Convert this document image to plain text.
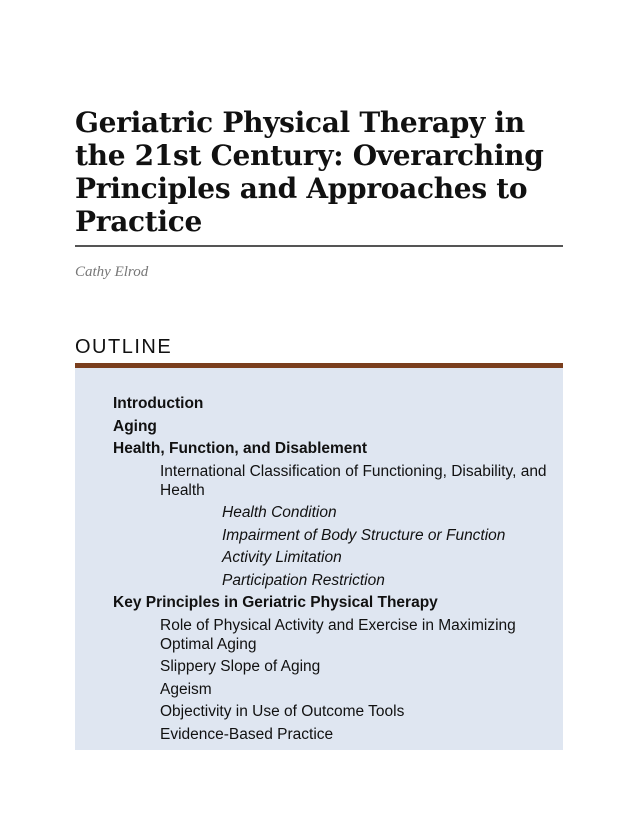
Geriatric Physical Therapy in the 21st Century: Overarching Principles and Approaches to Practice
Cathy Elrod
OUTLINE
Introduction
Aging
Health, Function, and Disablement
International Classification of Functioning, Disability, and Health
Health Condition
Impairment of Body Structure or Function
Activity Limitation
Participation Restriction
Key Principles in Geriatric Physical Therapy
Role of Physical Activity and Exercise in Maximizing Optimal Aging
Slippery Slope of Aging
Ageism
Objectivity in Use of Outcome Tools
Evidence-Based Practice
